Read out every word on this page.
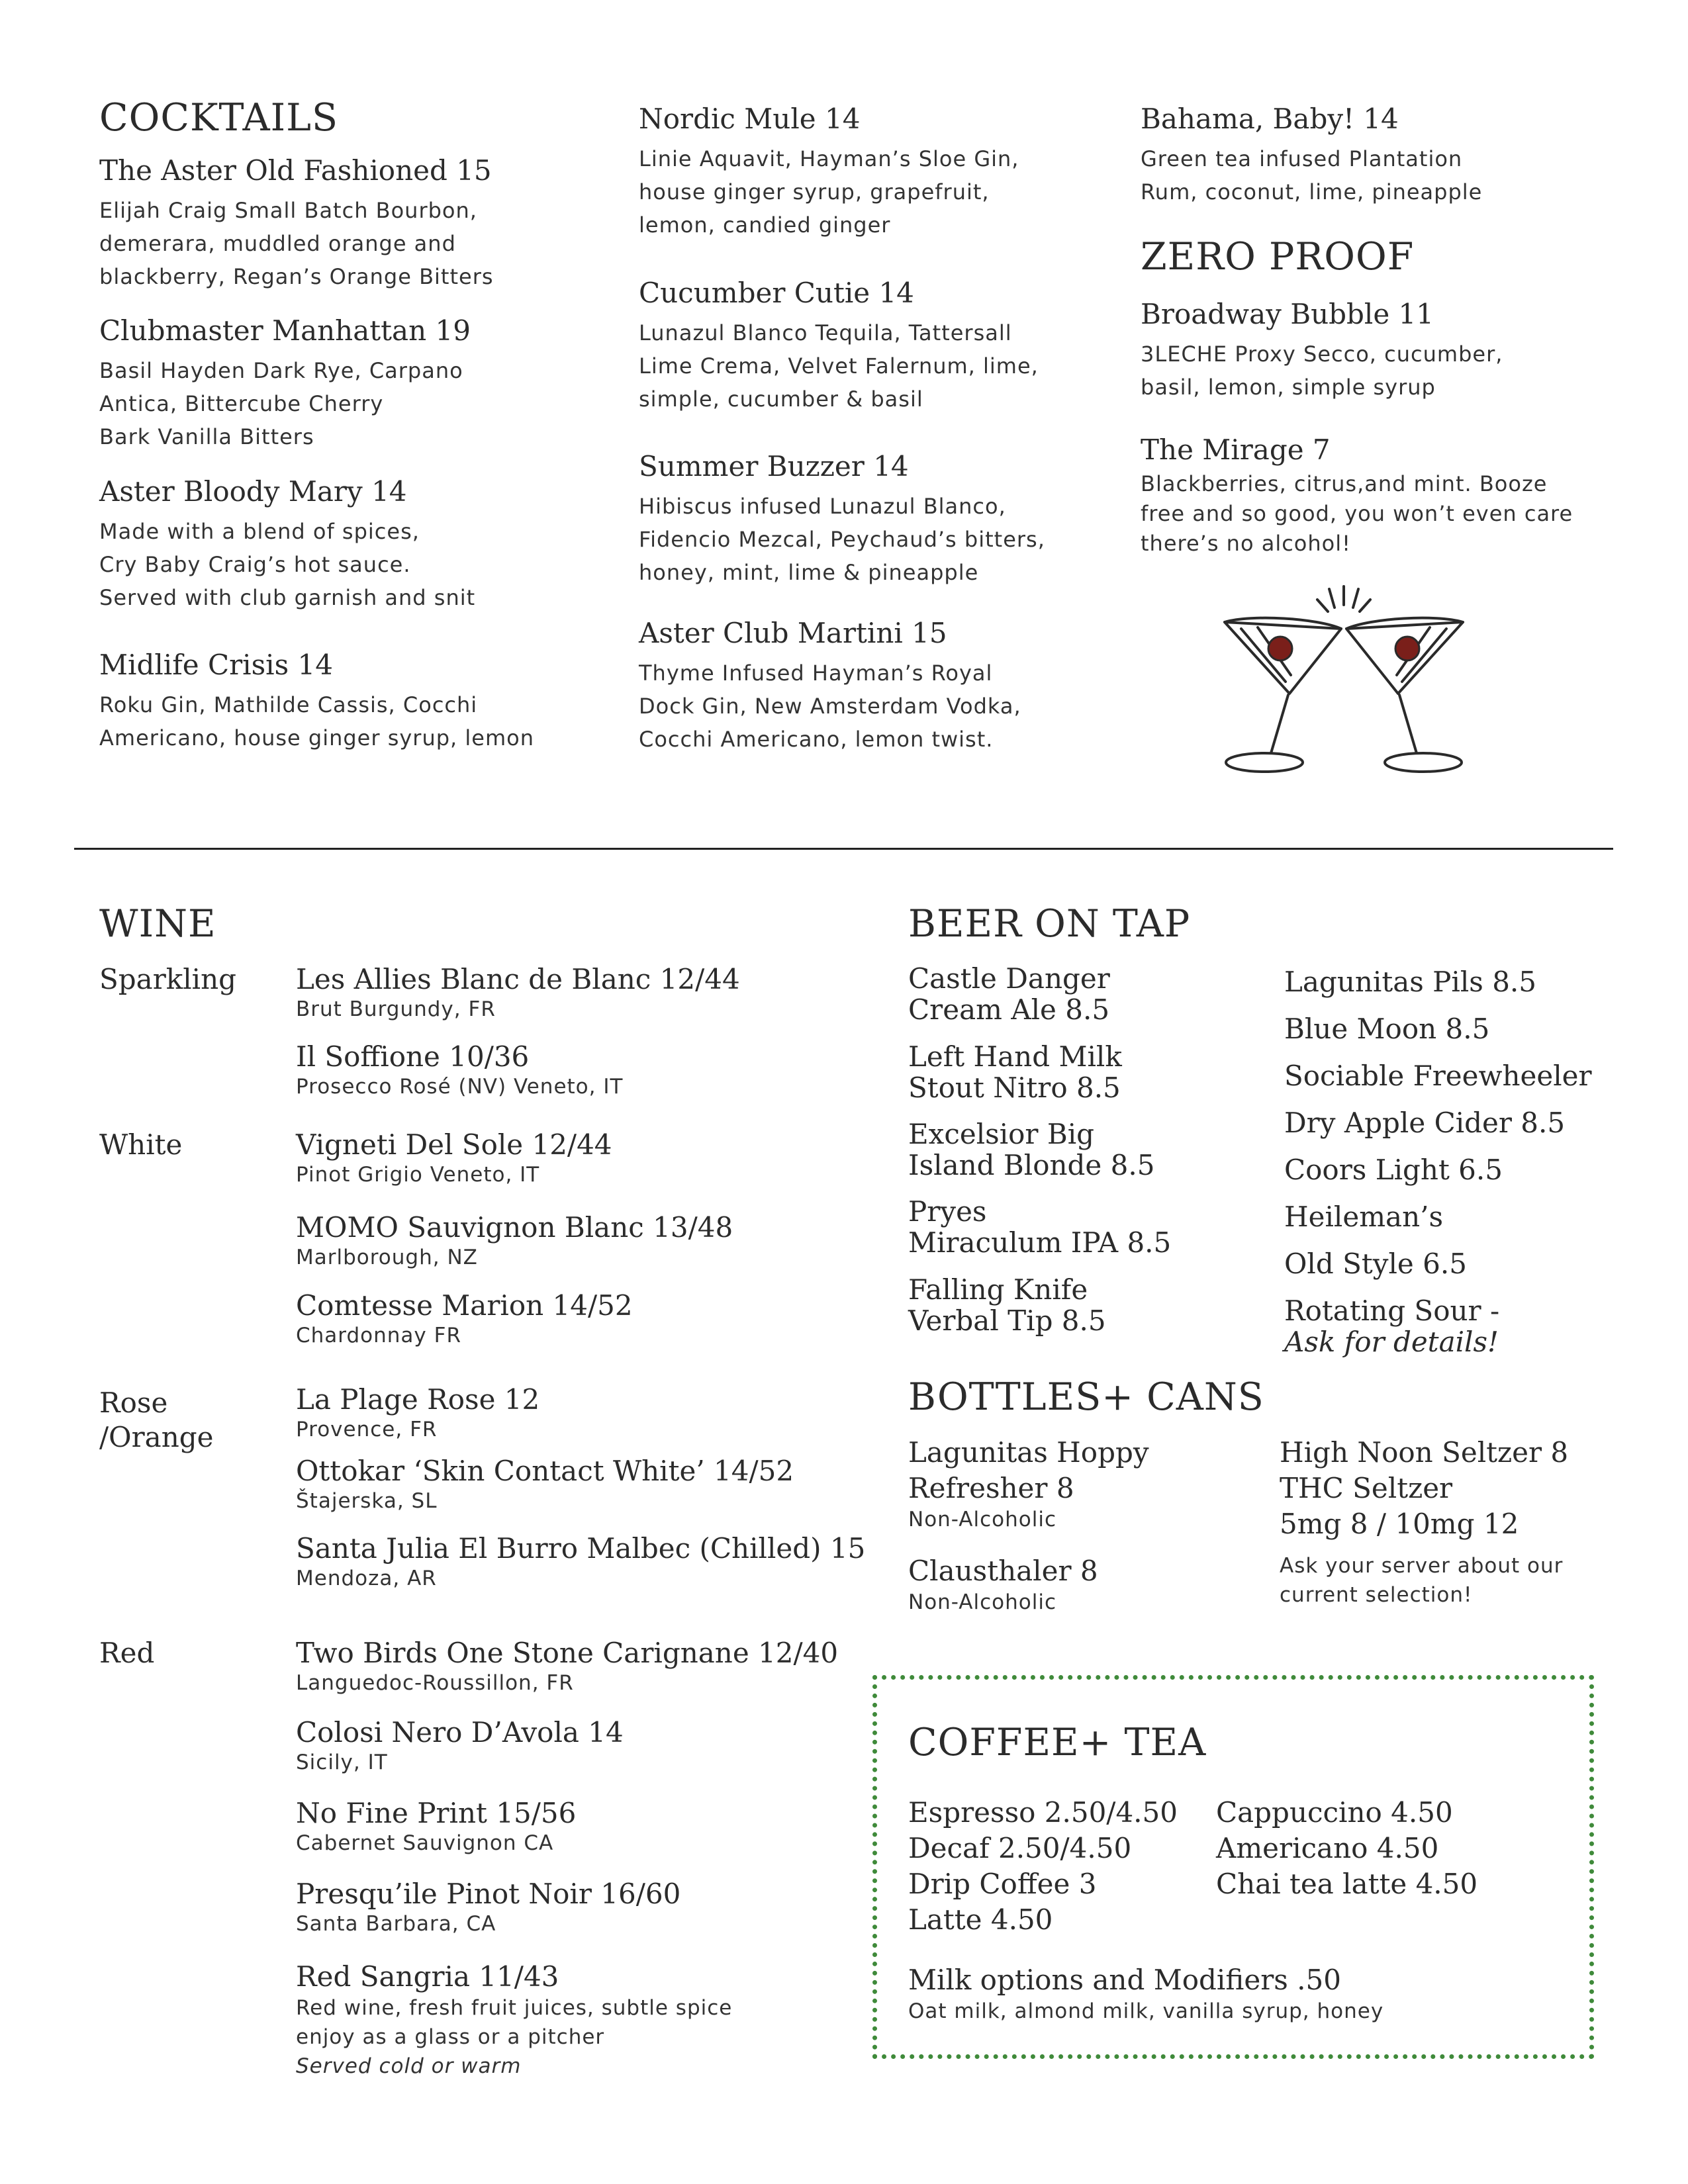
COCKTAILS
The Aster Old Fashioned 15
Elijah Craig Small Batch Bourbon,
demerara, muddled orange and
blackberry, Regan’s Orange Bitters
Clubmaster Manhattan 19
Basil Hayden Dark Rye, Carpano
Antica, Bittercube Cherry
Bark Vanilla Bitters
Aster Bloody Mary 14
Made with a blend of spices,
Cry Baby Craig’s hot sauce.
Served with club garnish and snit
Midlife Crisis 14
Roku Gin, Mathilde Cassis, Cocchi
Americano, house ginger syrup, lemon
Nordic Mule 14
Linie Aquavit, Hayman’s Sloe Gin,
house ginger syrup, grapefruit,
lemon, candied ginger
Cucumber Cutie 14
Lunazul Blanco Tequila, Tattersall
Lime Crema, Velvet Falernum, lime,
simple, cucumber & basil
Summer Buzzer 14
Hibiscus infused Lunazul Blanco,
Fidencio Mezcal, Peychaud’s bitters,
honey, mint, lime & pineapple
Aster Club Martini 15
Thyme Infused Hayman’s Royal
Dock Gin, New Amsterdam Vodka,
Cocchi Americano, lemon twist.
Bahama, Baby! 14
Green tea infused Plantation
Rum, coconut, lime, pineapple
ZERO PROOF
Broadway Bubble 11
3LECHE Proxy Secco, cucumber,
basil, lemon, simple syrup
The Mirage 7
Blackberries, citrus,and mint. Booze
free and so good, you won’t even care
there’s no alcohol!
WINE
Sparkling
White
Rose
/Orange
Red
Les Allies Blanc de Blanc 12/44
Brut Burgundy, FR
Il Soffione 10/36
Prosecco Rosé (NV) Veneto, IT
Vigneti Del Sole 12/44
Pinot Grigio Veneto, IT
MOMO Sauvignon Blanc 13/48
Marlborough, NZ
Comtesse Marion 14/52
Chardonnay FR
La Plage Rose 12
Provence, FR
Ottokar ‘Skin Contact White’ 14/52
Štajerska, SL
Santa Julia El Burro Malbec (Chilled) 15
Mendoza, AR
Two Birds One Stone Carignane 12/40
Languedoc-Roussillon, FR
Colosi Nero D’Avola 14
Sicily, IT
No Fine Print 15/56
Cabernet Sauvignon CA
Presqu’ile Pinot Noir 16/60
Santa Barbara, CA
Red Sangria 11/43
Red wine, fresh fruit juices, subtle spice
enjoy as a glass or a pitcher
Served cold or warm
BEER ON TAP
Castle Danger
Cream Ale 8.5
Left Hand Milk
Stout Nitro 8.5
Excelsior Big
Island Blonde 8.5
Pryes
Miraculum IPA 8.5
Falling Knife
Verbal Tip 8.5
Lagunitas Pils 8.5
Blue Moon 8.5
Sociable Freewheeler
Dry Apple Cider 8.5
Coors Light 6.5
Heileman’s
Old Style 6.5
Rotating Sour -
Ask for details!
BOTTLES+ CANS
Lagunitas Hoppy
Refresher 8
Non-Alcoholic
Clausthaler 8
Non-Alcoholic
High Noon Seltzer 8
THC Seltzer
5mg 8 / 10mg 12
Ask your server about our
current selection!
COFFEE+ TEA
Espresso 2.50/4.50
Decaf 2.50/4.50
Drip Coffee 3
Latte 4.50
Cappuccino 4.50
Americano 4.50
Chai tea latte 4.50
Milk options and Modifiers .50
Oat milk, almond milk, vanilla syrup, honey
